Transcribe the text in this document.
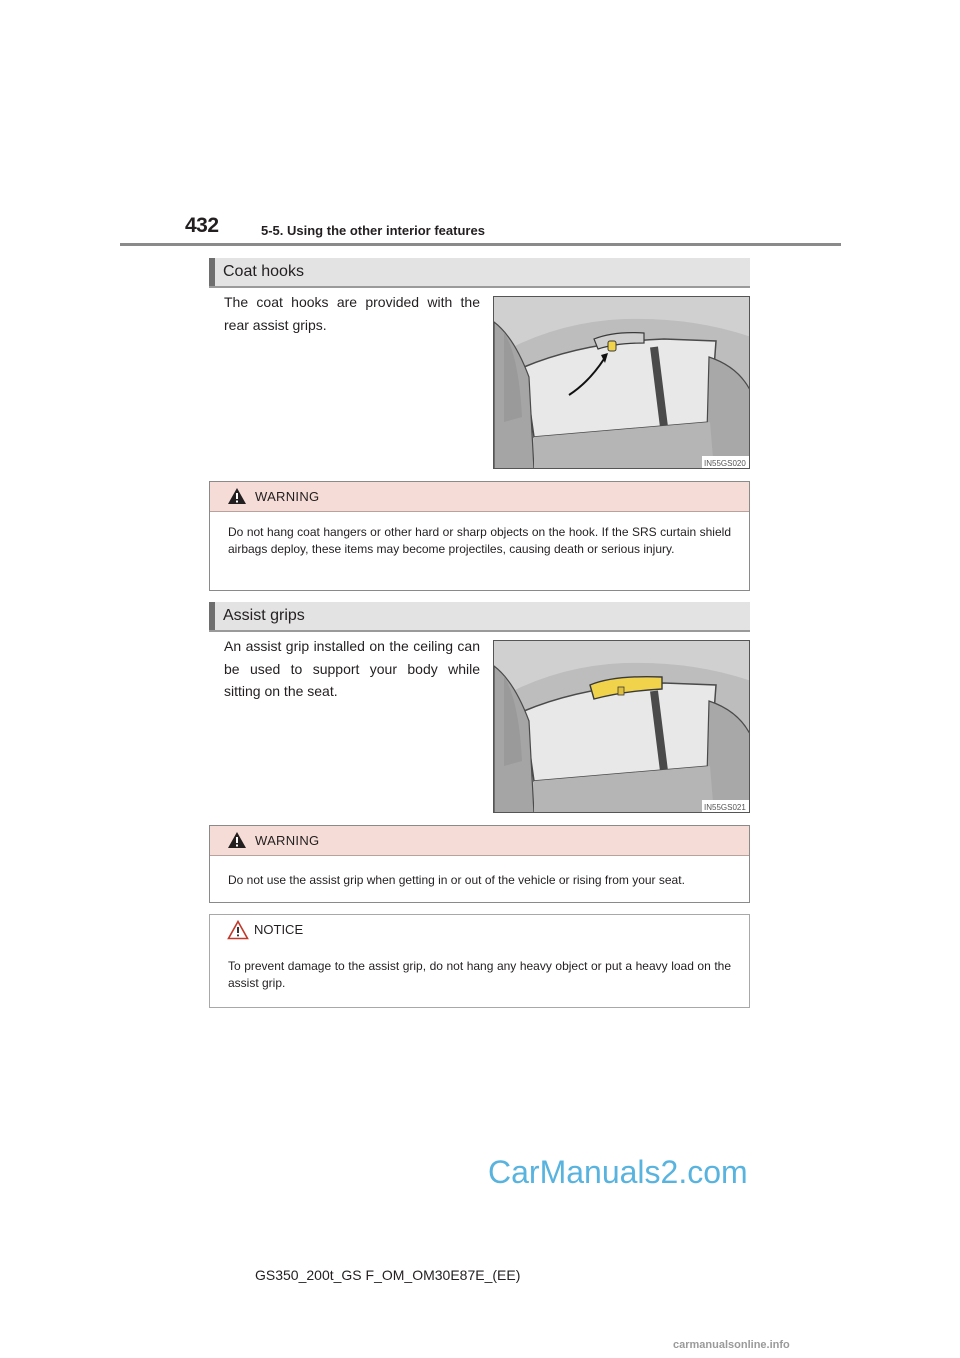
432	5-5. Using the other interior features
Coat hooks
The coat hooks are provided with the rear assist grips.
IN55GS020
WARNING
Do not hang coat hangers or other hard or sharp objects on the hook. If the SRS curtain shield airbags deploy, these items may become projectiles, causing death or serious injury.
Assist grips
An assist grip installed on the ceiling can be used to support your body while sitting on the seat.
IN55GS021
WARNING
Do not use the assist grip when getting in or out of the vehicle or rising from your seat.
NOTICE
To prevent damage to the assist grip, do not hang any heavy object or put a heavy load on the assist grip.
CarManuals2.com
GS350_200t_GS F_OM_OM30E87E_(EE)
carmanualsonline.info
